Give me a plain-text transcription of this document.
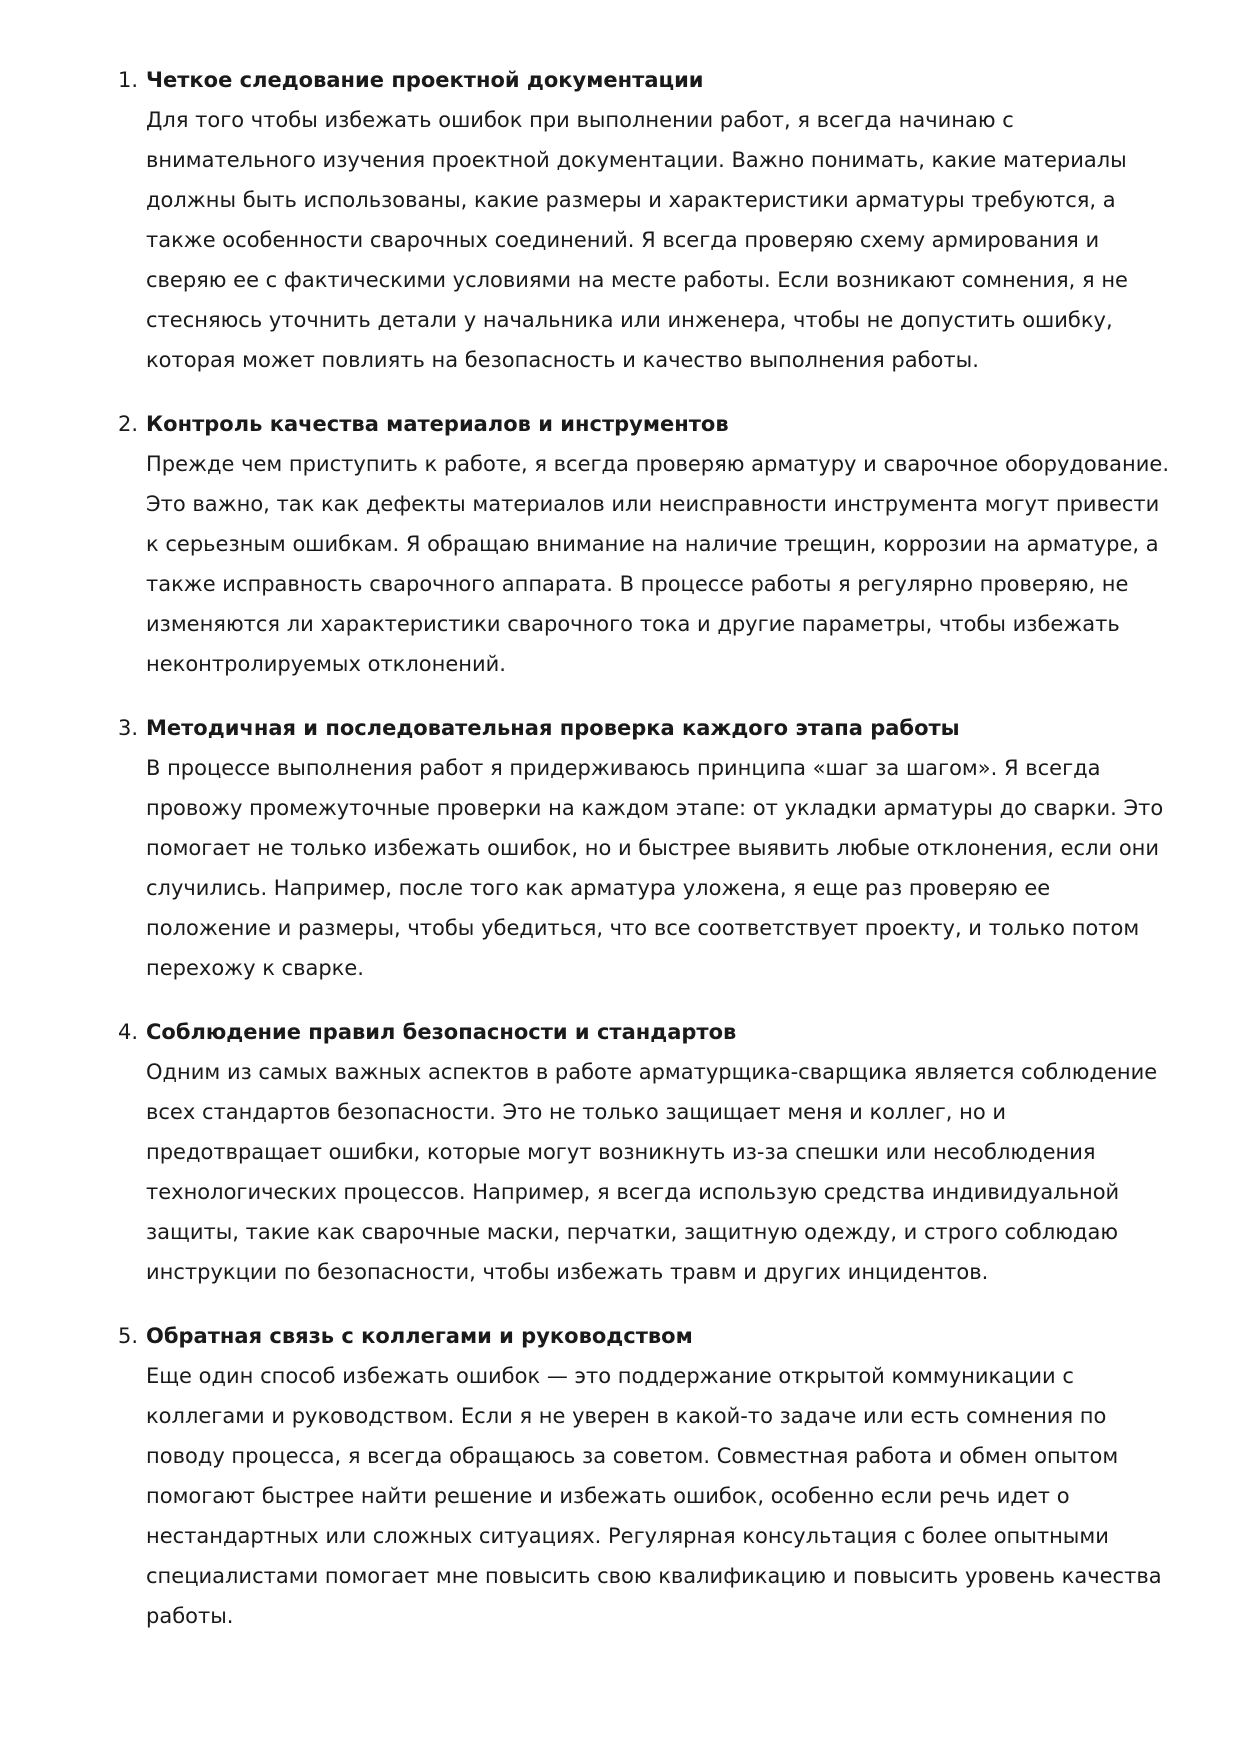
1. Четкое следование проектной документации

Для того чтобы избежать ошибок при выполнении работ, я всегда начинаю с внимательного изучения проектной документации. Важно понимать, какие материалы должны быть использованы, какие размеры и характеристики арматуры требуются, а также особенности сварочных соединений. Я всегда проверяю схему армирования и сверяю ее с фактическими условиями на месте работы. Если возникают сомнения, я не стесняюсь уточнить детали у начальника или инженера, чтобы не допустить ошибку, которая может повлиять на безопасность и качество выполнения работы.

2. Контроль качества материалов и инструментов

Прежде чем приступить к работе, я всегда проверяю арматуру и сварочное оборудование. Это важно, так как дефекты материалов или неисправности инструмента могут привести к серьезным ошибкам. Я обращаю внимание на наличие трещин, коррозии на арматуре, а также исправность сварочного аппарата. В процессе работы я регулярно проверяю, не изменяются ли характеристики сварочного тока и другие параметры, чтобы избежать неконтролируемых отклонений.

3. Методичная и последовательная проверка каждого этапа работы

В процессе выполнения работ я придерживаюсь принципа «шаг за шагом». Я всегда провожу промежуточные проверки на каждом этапе: от укладки арматуры до сварки. Это помогает не только избежать ошибок, но и быстрее выявить любые отклонения, если они случились. Например, после того как арматура уложена, я еще раз проверяю ее положение и размеры, чтобы убедиться, что все соответствует проекту, и только потом перехожу к сварке.

4. Соблюдение правил безопасности и стандартов

Одним из самых важных аспектов в работе арматурщика-сварщика является соблюдение всех стандартов безопасности. Это не только защищает меня и коллег, но и предотвращает ошибки, которые могут возникнуть из-за спешки или несоблюдения технологических процессов. Например, я всегда использую средства индивидуальной защиты, такие как сварочные маски, перчатки, защитную одежду, и строго соблюдаю инструкции по безопасности, чтобы избежать травм и других инцидентов.

5. Обратная связь с коллегами и руководством

Еще один способ избежать ошибок — это поддержание открытой коммуникации с коллегами и руководством. Если я не уверен в какой-то задаче или есть сомнения по поводу процесса, я всегда обращаюсь за советом. Совместная работа и обмен опытом помогают быстрее найти решение и избежать ошибок, особенно если речь идет о нестандартных или сложных ситуациях. Регулярная консультация с более опытными специалистами помогает мне повысить свою квалификацию и повысить уровень качества работы.
